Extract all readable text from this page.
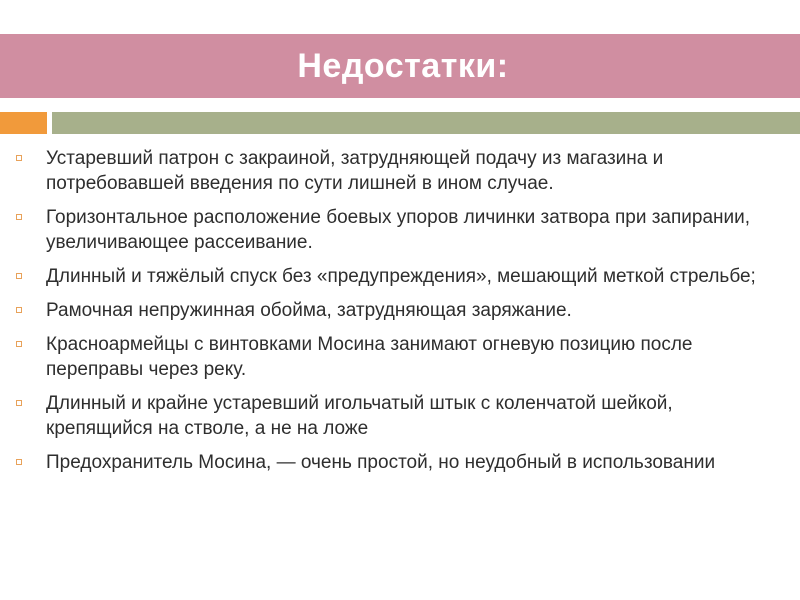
Недостатки:
Устаревший патрон с закраиной, затрудняющей подачу из магазина и потребовавшей введения по сути лишней в ином случае.
Горизонтальное расположение боевых упоров личинки затвора при запирании, увеличивающее рассеивание.
Длинный и тяжёлый спуск без «предупреждения», мешающий меткой стрельбе;
Рамочная непружинная обойма, затрудняющая заряжание.
Красноармейцы с винтовками Мосина занимают огневую позицию после переправы через реку.
Длинный и крайне устаревший игольчатый штык с коленчатой шейкой, крепящийся на стволе, а не на ложе
Предохранитель Мосина, — очень простой, но неудобный в использовании
